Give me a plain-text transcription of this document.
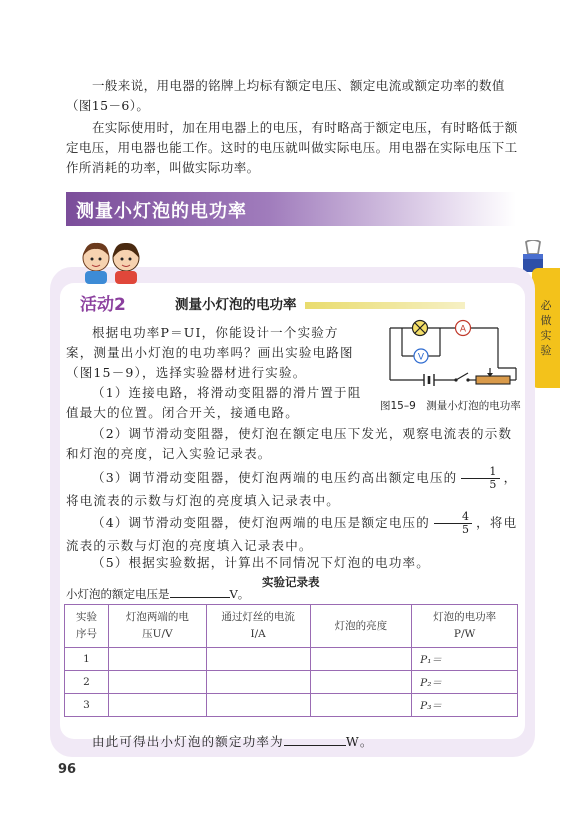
一般来说，用电器的铭牌上均标有额定电压、额定电流或额定功率的数值（图15－6）。
在实际使用时，加在用电器上的电压，有时略高于额定电压，有时略低于额定电压，用电器也能工作。这时的电压就叫做实际电压。用电器在实际电压下工作所消耗的功率，叫做实际功率。
测量小灯泡的电功率
必做实验
活动2	测量小灯泡的电功率
根据电功率P＝UI，你能设计一个实验方案，测量出小灯泡的电功率吗？画出实验电路图（图15－9），选择实验器材进行实验。
（1）连接电路，将滑动变阻器的滑片置于阻值最大的位置。闭合开关，接通电路。
A
V
图15–9　测量小灯泡的电功率
（2）调节滑动变阻器，使灯泡在额定电压下发光，观察电流表的示数和灯泡的亮度，记入实验记录表。
（3）调节滑动变阻器，使灯泡两端的电压约高出额定电压的 $\frac{1}{5}$ ，将电流表的示数与灯泡的亮度填入记录表中。
（4）调节滑动变阻器，使灯泡两端的电压是额定电压的 $\frac{4}{5}$ ，将电流表的示数与灯泡的亮度填入记录表中。
（5）根据实验数据，计算出不同情况下灯泡的电功率。
实验记录表
小灯泡的额定电压是	V。
实验序号	灯泡两端的电压U/V	通过灯丝的电流I/A	灯泡的亮度	灯泡的电功率P/W
1				P₁＝
2				P₂＝
3				P₃＝
由此可得出小灯泡的额定功率为	W。
96
